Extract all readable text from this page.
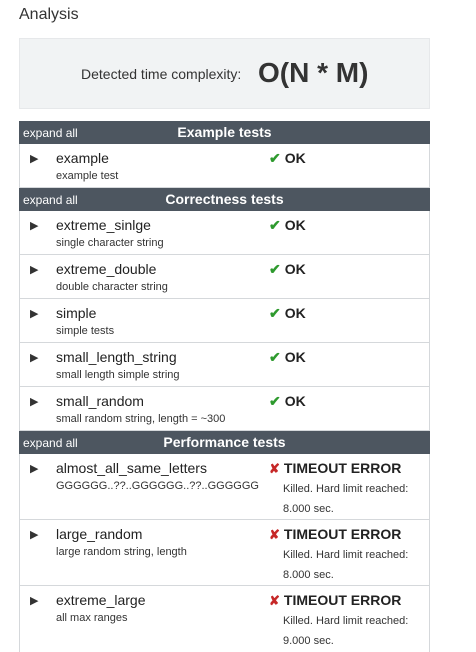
Analysis
Detected time complexity: O(N * M)
expand all	Example tests
▶ example
example test
✔ OK
expand all	Correctness tests
▶ extreme_sinlge
single character string
✔ OK
▶ extreme_double
double character string
✔ OK
▶ simple
simple tests
✔ OK
▶ small_length_string
small length simple string
✔ OK
▶ small_random
small random string, length = ~300
✔ OK
expand all	Performance tests
▶ almost_all_same_letters
GGGGGG..??..GGGGGG..??..GGGGGG
✘ TIMEOUT ERROR
Killed. Hard limit reached:
8.000 sec.
▶ large_random
large random string, length
✘ TIMEOUT ERROR
Killed. Hard limit reached:
8.000 sec.
▶ extreme_large
all max ranges
✘ TIMEOUT ERROR
Killed. Hard limit reached:
9.000 sec.
